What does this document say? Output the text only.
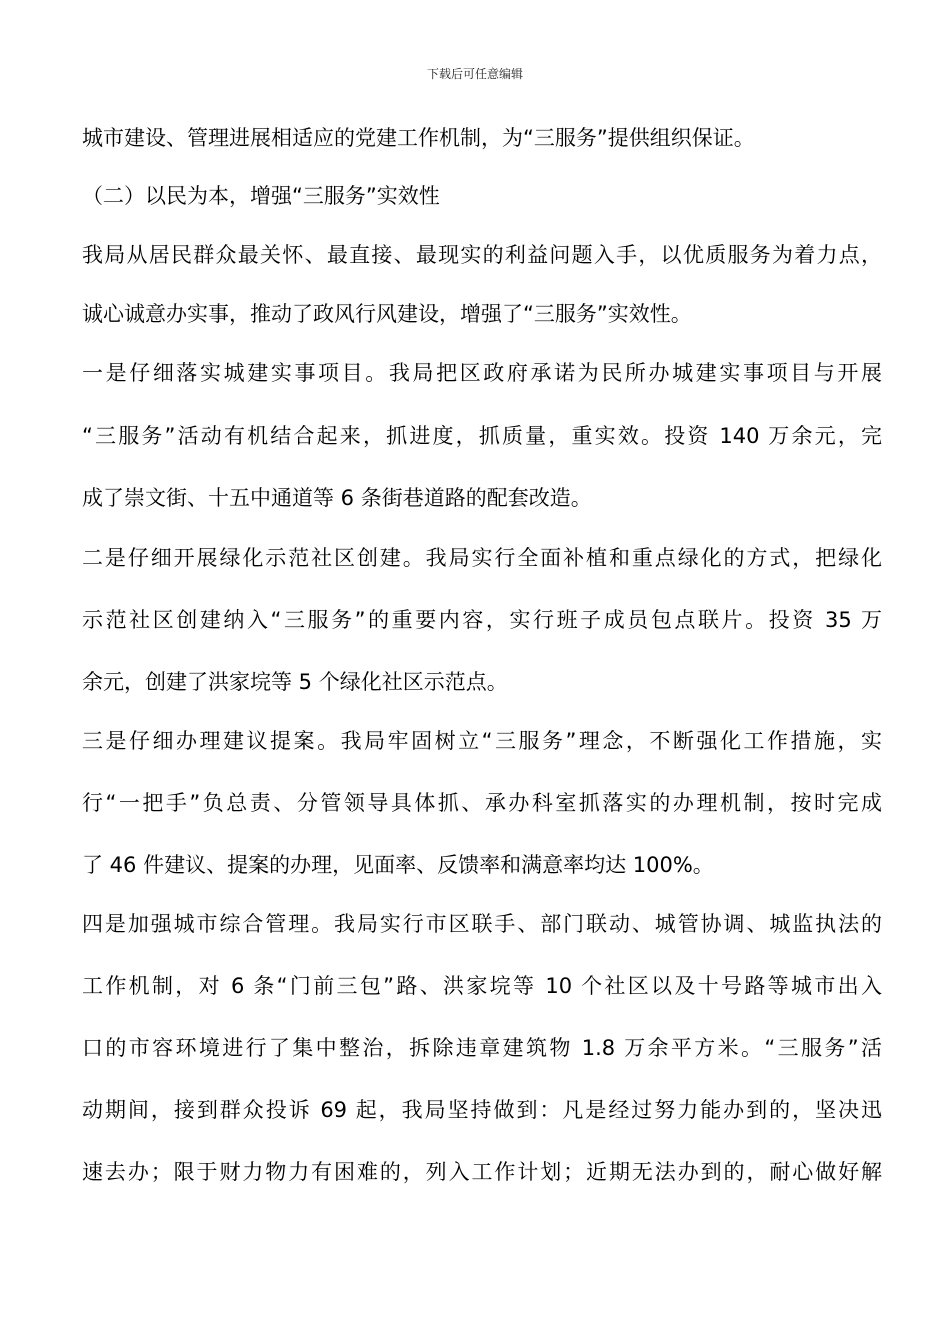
下载后可任意编辑
城市建设、管理进展相适应的党建工作机制，为“三服务”提供组织保证。
（二）以民为本，增强“三服务”实效性
我局从居民群众最关怀、最直接、最现实的利益问题入手，以优质服务为着力点，
诚心诚意办实事，推动了政风行风建设，增强了“三服务”实效性。
一是仔细落实城建实事项目。我局把区政府承诺为民所办城建实事项目与开展
“三服务”活动有机结合起来，抓进度，抓质量，重实效。投资 140 万余元，完
成了崇文街、十五中通道等 6 条街巷道路的配套改造。
二是仔细开展绿化示范社区创建。我局实行全面补植和重点绿化的方式，把绿化
示范社区创建纳入“三服务”的重要内容，实行班子成员包点联片。投资 35 万
余元，创建了洪家垸等 5 个绿化社区示范点。
三是仔细办理建议提案。我局牢固树立“三服务”理念，不断强化工作措施，实
行“一把手”负总责、分管领导具体抓、承办科室抓落实的办理机制，按时完成
了 46 件建议、提案的办理，见面率、反馈率和满意率均达 100%。
四是加强城市综合管理。我局实行市区联手、部门联动、城管协调、城监执法的
工作机制，对 6 条“门前三包”路、洪家垸等 10 个社区以及十号路等城市出入
口的市容环境进行了集中整治，拆除违章建筑物 1.8 万余平方米。“三服务”活
动期间，接到群众投诉 69 起，我局坚持做到：凡是经过努力能办到的，坚决迅
速去办；限于财力物力有困难的，列入工作计划；近期无法办到的，耐心做好解
